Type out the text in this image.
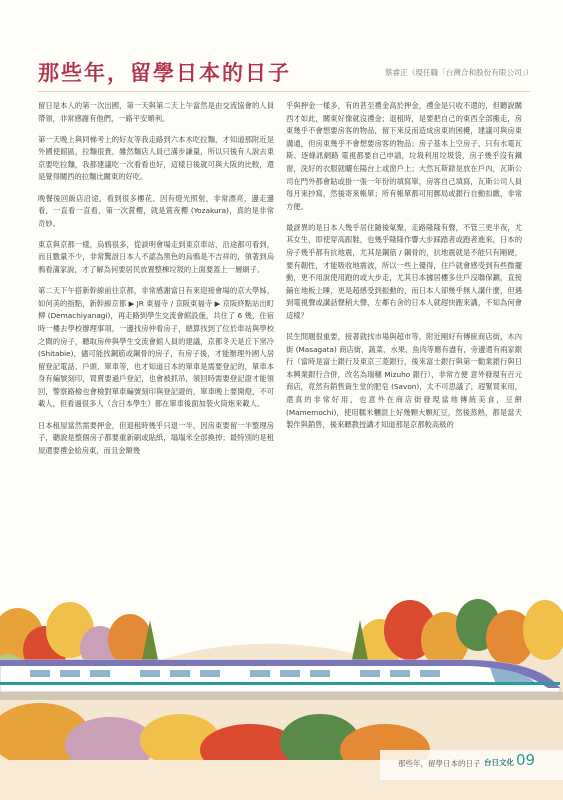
那些年，留學日本的日子	蔡睿正（現任職「台灣合和股份有限公司」）

留日是本人的第一次出國，第一天與第二天上午當然是由交流協會的人員帶領，非常感謝有他們，一路平安順利。

第一天晚上與同梯考上的好友等我走路到六本木吃拉麵，才知道那附近是外國使館區，拉麵很貴，雖然麵店人員已滿步謙量，所以只後有人說去東京要吃拉麵，我都建議吃一次看看也好，這樣日後就可與大阪的比較，還是覺得關西的拉麵比關東的好吃。

晚餐後回飯店沿途，看到很多樓花、因有燈光照射，非常漂亮，邊走邊看，一直看一直看，第一次賞櫻，就是賞夜櫻 (Yozakura)，真的是非常奇妙。

東京與京都一樣，烏鴉很多，從談明會場走到東京車站，沿途都可看到，而且數量不少，非常驚訝日本人不認為黑色的烏鴉是不吉祥的，領著到烏鴉看滿家說，才了解為何要居民放置整棟垃圾的上面要蓋上一層網子。

第二天下午搭新幹線前往京都，非常感謝當日有來迎接會場的京大學姊，如何美的指點，新幹線京都 ▶ JR 東福寺 / 京阪東福寺 ▶ 京阪終點站出町柳 (Demachiyanagi)，再走路到學生交流會館設施，共住了 6 幾，住宿時一樓去學校辦理事項，一邊找房仲看房子，總算找到了位於車站與學校之間的房子，聽取房仲與學生交流會館人員的建議，京都冬天是丘下窯冷 (Shitabie)，儘可能找鋼筋或鋼骨的房子，有房子後，才能辦理外國人居留登記電話、戶頭、單車等，也才知道日本的單車是需要登記的，單車本身有編號刻印，買賣要過戶登記，也會被抓吊，領回時需要登記證才能領回，警察路檢也會檢對單車編號刻印與登記證的，單車晚上要開燈，不可載人，但看過很多人（含日本學生）都在單車後面加裝火筒炮來載人。

日本租屋當然需要押金，但退租時幾乎只退一半，因房東要留一半整理房子，聽說是整個房子都要重新刷或貼紙，塌塌米全部換掉；最特別的是租屋還要禮金給房東，而且金額幾

乎與押金一樣多，有的甚至禮金高於押金，禮金是只收不還的，但聽說關西才如此，關東好像就沒禮金；退租時，是要把自己的東西全部搬走，房東幾乎不會想要房客的物品，留下來反而造成房東的困擾，建議可與房東溝通，但房東幾乎不會想要房客的物品；房子基本上空房子，只有水電瓦斯、逐條訊網路 電視都要自己申請，垃圾利用垃圾袋，房子幾乎沒有鐵窗，洗好的衣服就曬在陽台上或窗戶上；大然瓦斯錶是放在戶內，瓦斯公司在門外都會貼或掛一張一年份的填寫單，房客自己填寫，瓦斯公司人員每月來抄寫，然後寄來帳單；所有帳單都可用郵局或銀行自動扣繳，非常方便。

最訝異的是日本人幾乎居住隨後氣聚，走路隆隆有聲，不管三更半夜，尤其女生，即使穿高跟鞋，也幾乎隆隆作響大步踩踏者或跑者進來，日本的房子幾乎都有抗地震，尤其是鋼筋 / 鋼骨的，抗地震就是不能只有剛硬，要有韌性，才能吸收地震波，所以一些上優得，住戶就會感受到有些微擺動，更不用說使用跑的或大步走，尤其日本據居樓多住戶沒聯保鑣，直接鋪在地板上睡，更是超感受到振動的，而日本人卻幾乎無人講什麼，但遇到電視聲或講話聲稍大聲，左鄰右舍的日本人就趕快跑來講，不知為何會這樣？

民生問題很重要，接著就找市場與超市等，附近剛好有傳統商店街，木內街 (Masagata) 商店街，蔬菜、水果、魚肉等應有盡有，旁邊還有兩家銀行（當時是富士銀行及東京三菱銀行，後來富士銀行與第一勸業銀行與日本興業銀行合併，改名為瑞穗 Mizuho 銀行），非常方便 意外發現有百元商店，竟然有銷售資生堂的肥皂 (Savon)，太不可思議了，趕緊買來用，還真的非常好用，也意外在商店街發現當地傳統美食，豆餅 (Mamemochi)，使用糯米糰混上好幾顆大顆紅豆，然後蒸熟，都是當天製作與銷售，後來聽教授講才知道那是京都較高級的

那些年，留學日本的日子 台日文化 09
